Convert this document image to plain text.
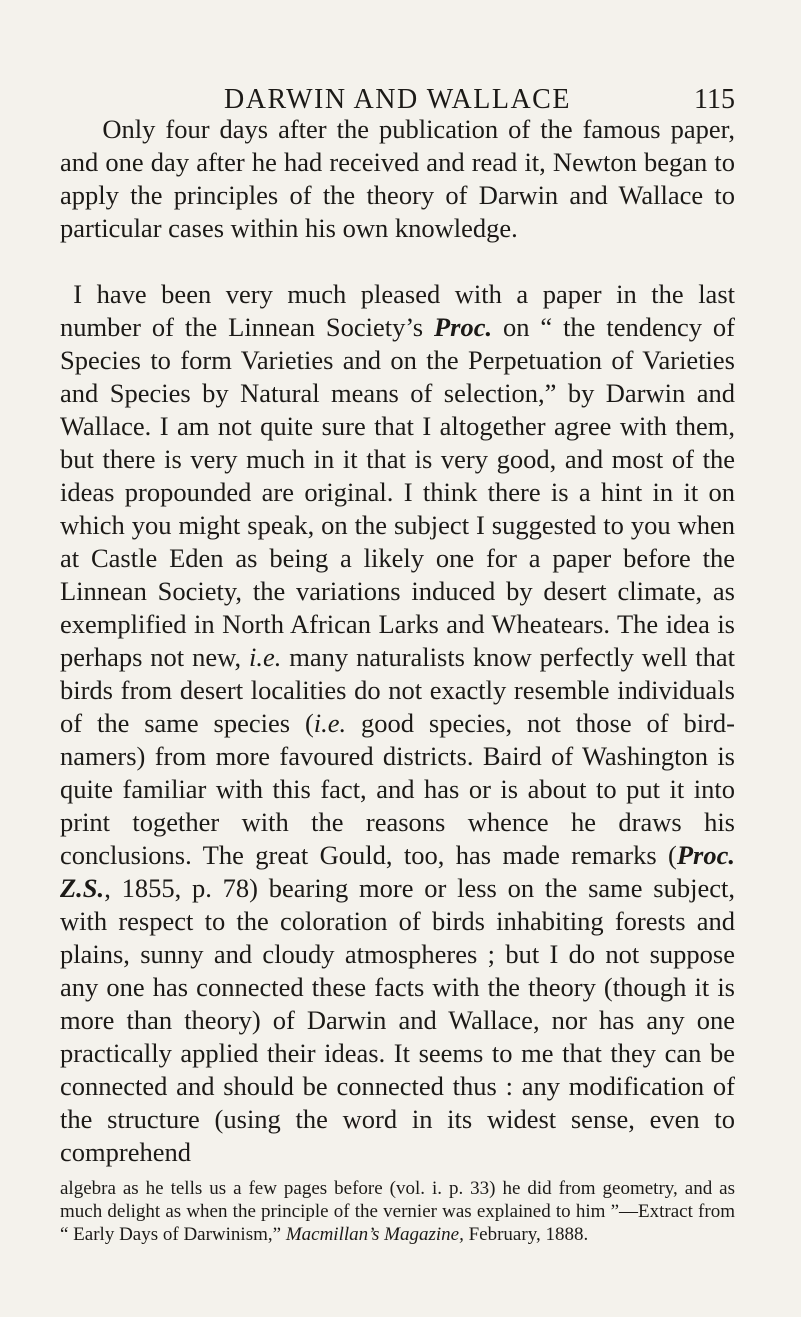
DARWIN AND WALLACE	115

Only four days after the publication of the famous paper, and one day after he had received and read it, Newton began to apply the principles of the theory of Darwin and Wallace to particular cases within his own knowledge.

I have been very much pleased with a paper in the last number of the Linnean Society’s Proc. on “ the tendency of Species to form Varieties and on the Perpetuation of Varieties and Species by Natural means of selection,” by Darwin and Wallace. I am not quite sure that I altogether agree with them, but there is very much in it that is very good, and most of the ideas propounded are original. I think there is a hint in it on which you might speak, on the subject I suggested to you when at Castle Eden as being a likely one for a paper before the Linnean Society, the variations induced by desert climate, as exemplified in North African Larks and Wheatears. The idea is perhaps not new, i.e. many naturalists know perfectly well that birds from desert localities do not exactly resemble individuals of the same species (i.e. good species, not those of bird-namers) from more favoured districts. Baird of Washington is quite familiar with this fact, and has or is about to put it into print together with the reasons whence he draws his conclusions. The great Gould, too, has made remarks (Proc. Z.S., 1855, p. 78) bearing more or less on the same subject, with respect to the coloration of birds inhabiting forests and plains, sunny and cloudy atmospheres ; but I do not suppose any one has connected these facts with the theory (though it is more than theory) of Darwin and Wallace, nor has any one practically applied their ideas. It seems to me that they can be connected and should be connected thus : any modification of the structure (using the word in its widest sense, even to comprehend

algebra as he tells us a few pages before (vol. i. p. 33) he did from geometry, and as much delight as when the principle of the vernier was explained to him ”—Extract from “ Early Days of Darwinism,” Macmillan’s Magazine, February, 1888.
